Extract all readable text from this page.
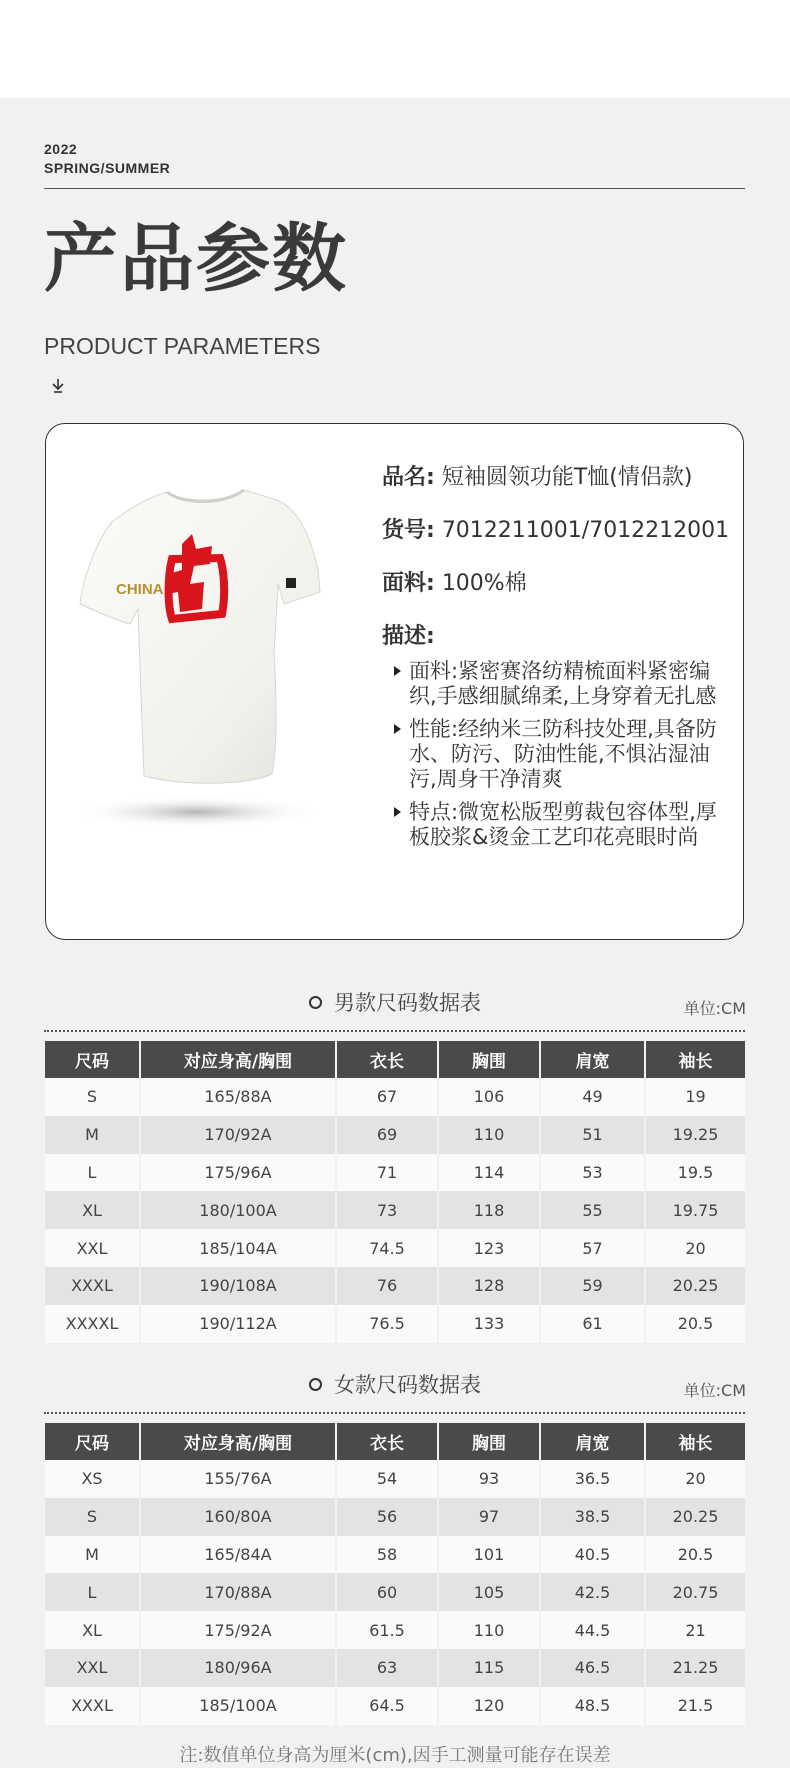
2022
SPRING/SUMMER
产品参数
PRODUCT PARAMETERS
CHINA
品名: 短袖圆领功能T恤(情侣款)
货号: 7012211001/7012212001
面料: 100%棉
描述:
面料:紧密赛洛纺精梳面料紧密编织,手感细腻绵柔,上身穿着无扎感
性能:经纳米三防科技处理,具备防水、防污、防油性能,不惧沾湿油污,周身干净清爽
特点:微宽松版型剪裁包容体型,厚板胶浆&烫金工艺印花亮眼时尚
男款尺码数据表	单位:CM
尺码	对应身高/胸围	衣长	胸围	肩宽	袖长
S	165/88A	67	106	49	19
M	170/92A	69	110	51	19.25
L	175/96A	71	114	53	19.5
XL	180/100A	73	118	55	19.75
XXL	185/104A	74.5	123	57	20
XXXL	190/108A	76	128	59	20.25
XXXXL	190/112A	76.5	133	61	20.5
女款尺码数据表	单位:CM
尺码	对应身高/胸围	衣长	胸围	肩宽	袖长
XS	155/76A	54	93	36.5	20
S	160/80A	56	97	38.5	20.25
M	165/84A	58	101	40.5	20.5
L	170/88A	60	105	42.5	20.75
XL	175/92A	61.5	110	44.5	21
XXL	180/96A	63	115	46.5	21.25
XXXL	185/100A	64.5	120	48.5	21.5
注:数值单位身高为厘米(cm),因手工测量可能存在误差
